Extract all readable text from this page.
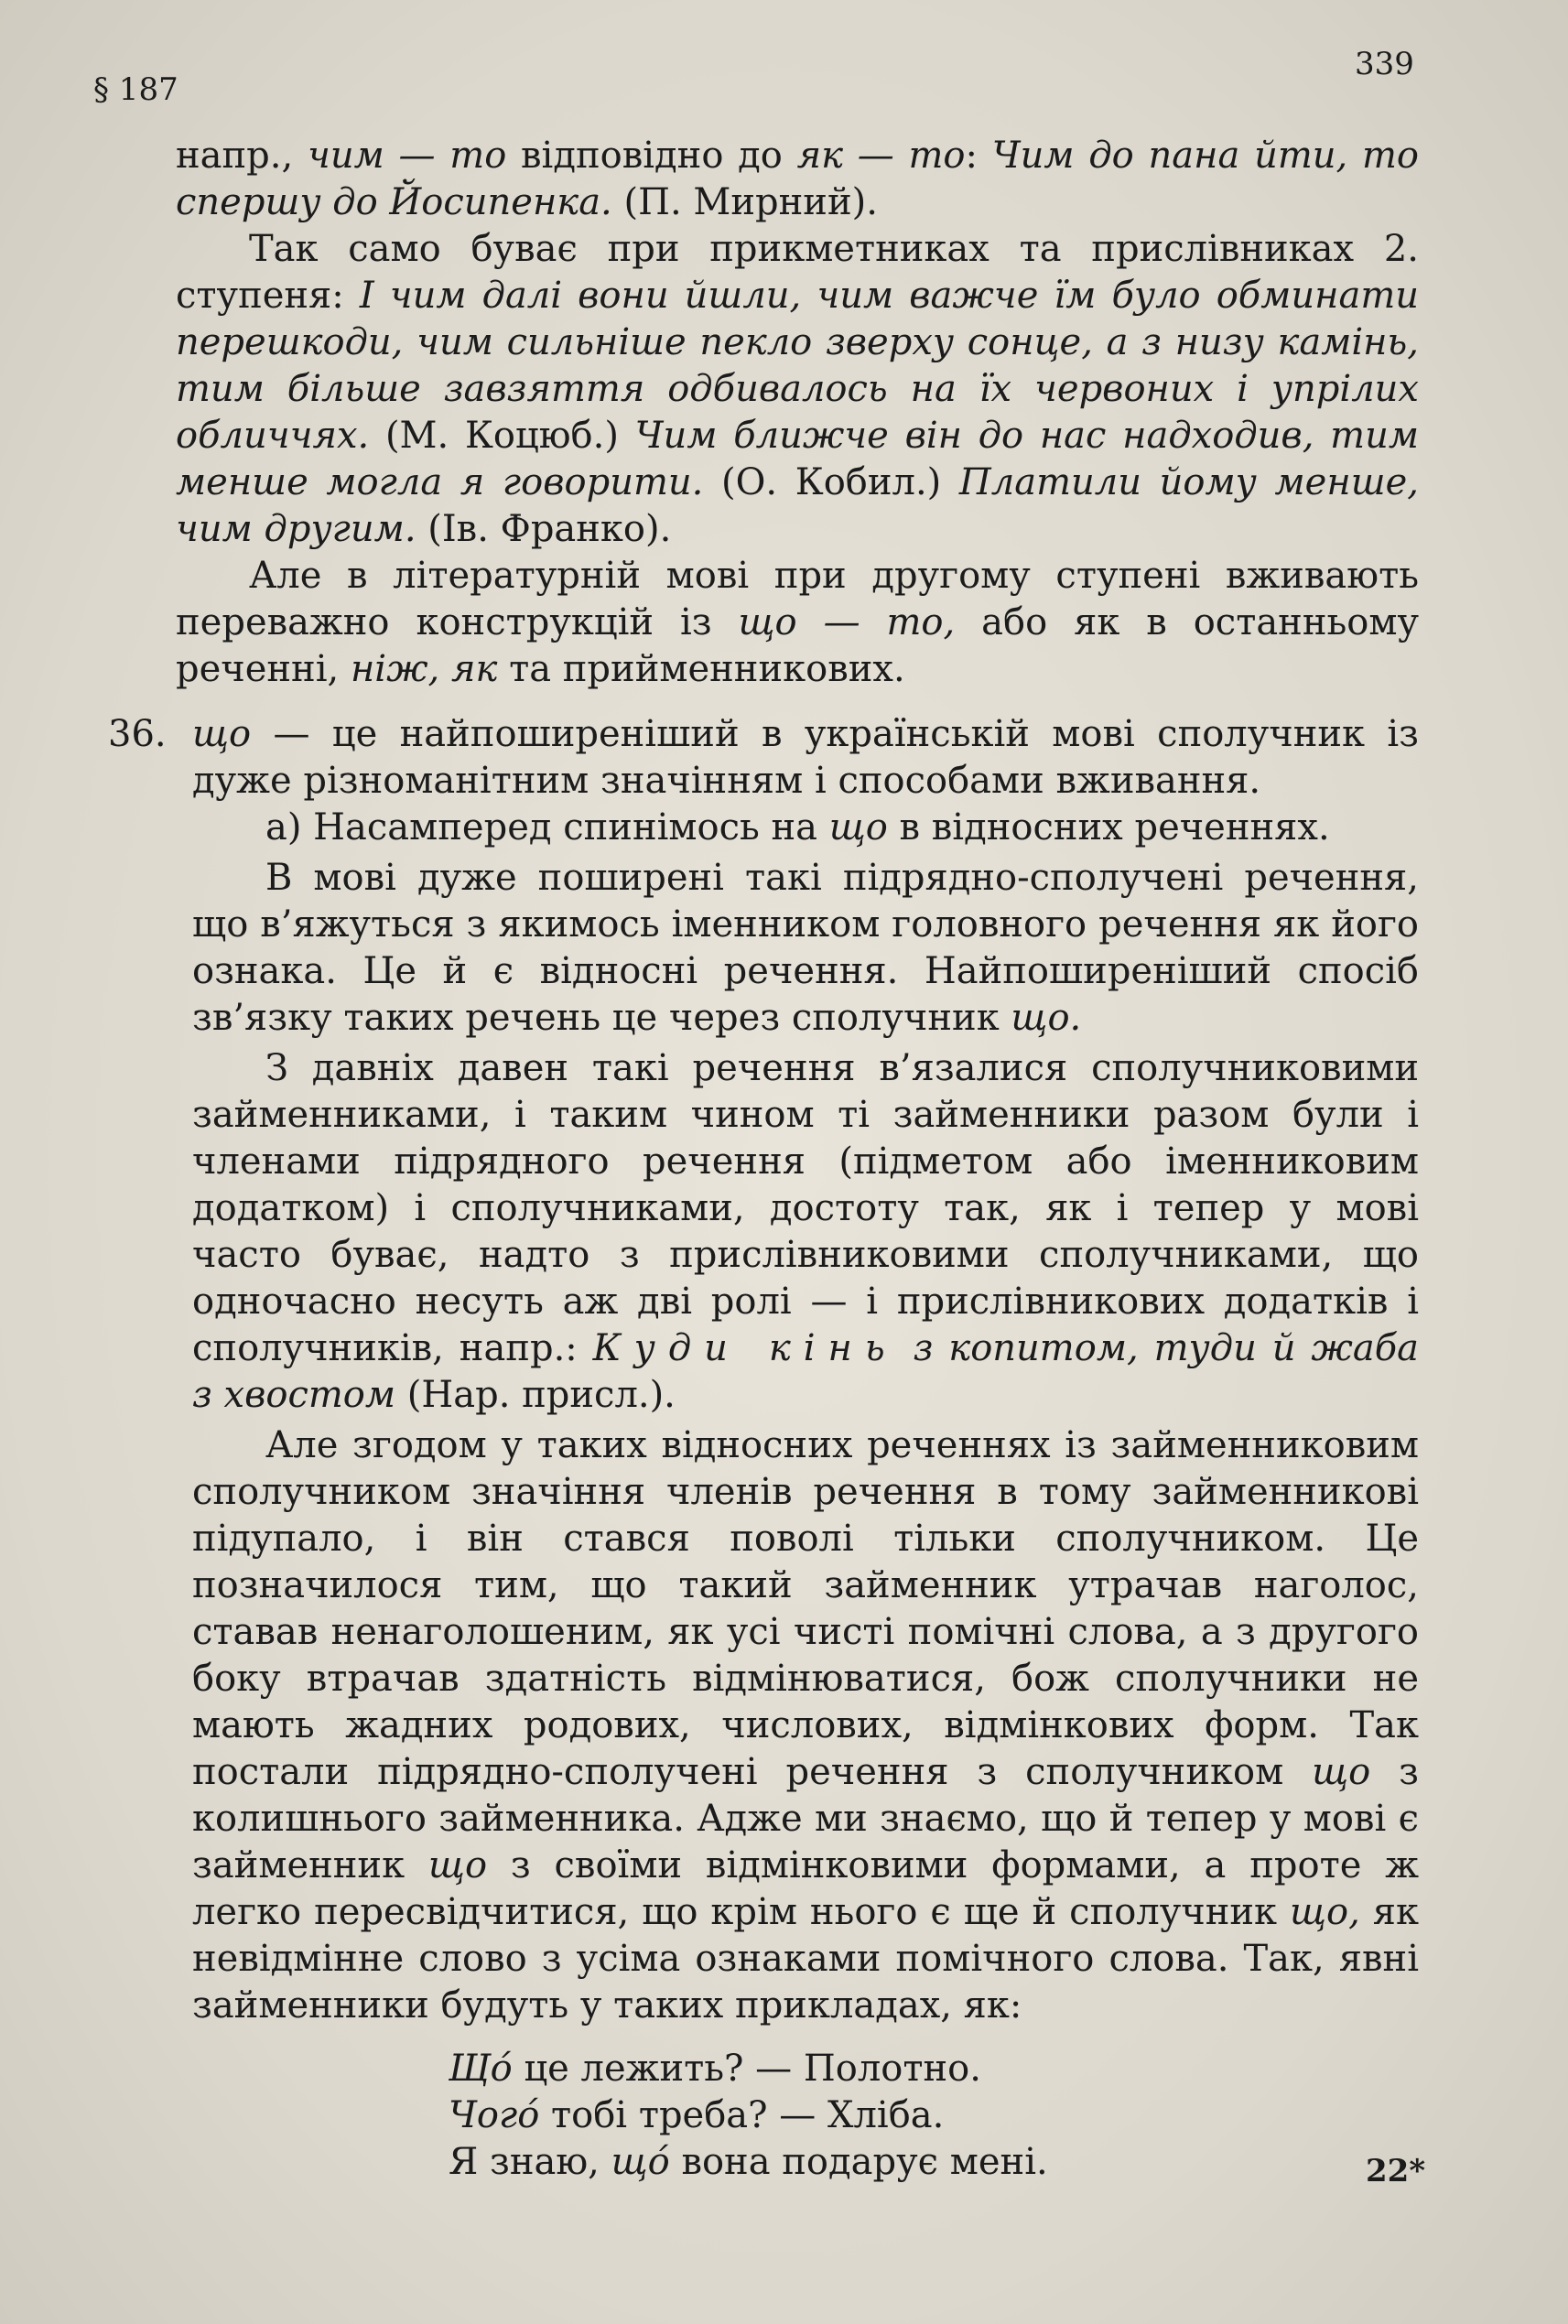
§ 187
339

напр., чим — то відповідно до як — то: Чим до пана йти, то спершу до Йосипенка. (П. Мирний).

Так само буває при прикметниках та прислівниках 2. ступеня: І чим далі вони йшли, чим важче їм було обминати перешкоди, чим сильніше пекло зверху сонце, а з низу камінь, тим більше завзяття одбивалось на їх червоних і упрілих обличчях. (М. Коцюб.) Чим ближче він до нас надходив, тим менше могла я говорити. (О. Кобил.) Платили йому менше, чим другим. (Ів. Франко).

Але в літературній мові при другому ступені вживають переважно конструкцій із що — то, або як в останньому реченні, ніж, як та прийменникових.

36. що — це найпоширеніший в українській мові сполучник із дуже різноманітним значінням і способами вживання.

а) Насамперед спинімось на що в відносних реченнях.

В мові дуже поширені такі підрядно-сполучені речення, що в’яжуться з якимось іменником головного речення як його ознака. Це й є відносні речення. Найпоширеніший спосіб зв’язку таких речень це через сполучник що.

З давніх давен такі речення в’язалися сполучниковими займенниками, і таким чином ті займенники разом були і членами підрядного речення (підметом або іменниковим додатком) і сполучниками, достоту так, як і тепер у мові часто буває, надто з прислівниковими сполучниками, що одночасно несуть аж дві ролі — і прислівникових додатків і сполучників, напр.: Куди кінь з копитом, туди й жаба з хвостом (Нар. присл.).

Але згодом у таких відносних реченнях із займенниковим сполучником значіння членів речення в тому займенникові підупало, і він стався поволі тільки сполучником. Це позначилося тим, що такий займенник утрачав наголос, ставав ненаголошеним, як усі чисті помічні слова, а з другого боку втрачав здатність відмінюватися, бож сполучники не мають жадних родових, числових, відмінкових форм. Так постали підрядно-сполучені речення з сполучником що з колишнього займенника. Адже ми знаємо, що й тепер у мові є займенник що з своїми відмінковими формами, а проте ж легко пересвідчитися, що крім нього є ще й сполучник що, як невідмінне слово з усіма ознаками помічного слова. Так, явні займенники будуть у таких прикладах, як:

Щó це лежить? — Полотно.
Чогó тобі треба? — Хліба.
Я знаю, щó вона подарує мені.	22*
